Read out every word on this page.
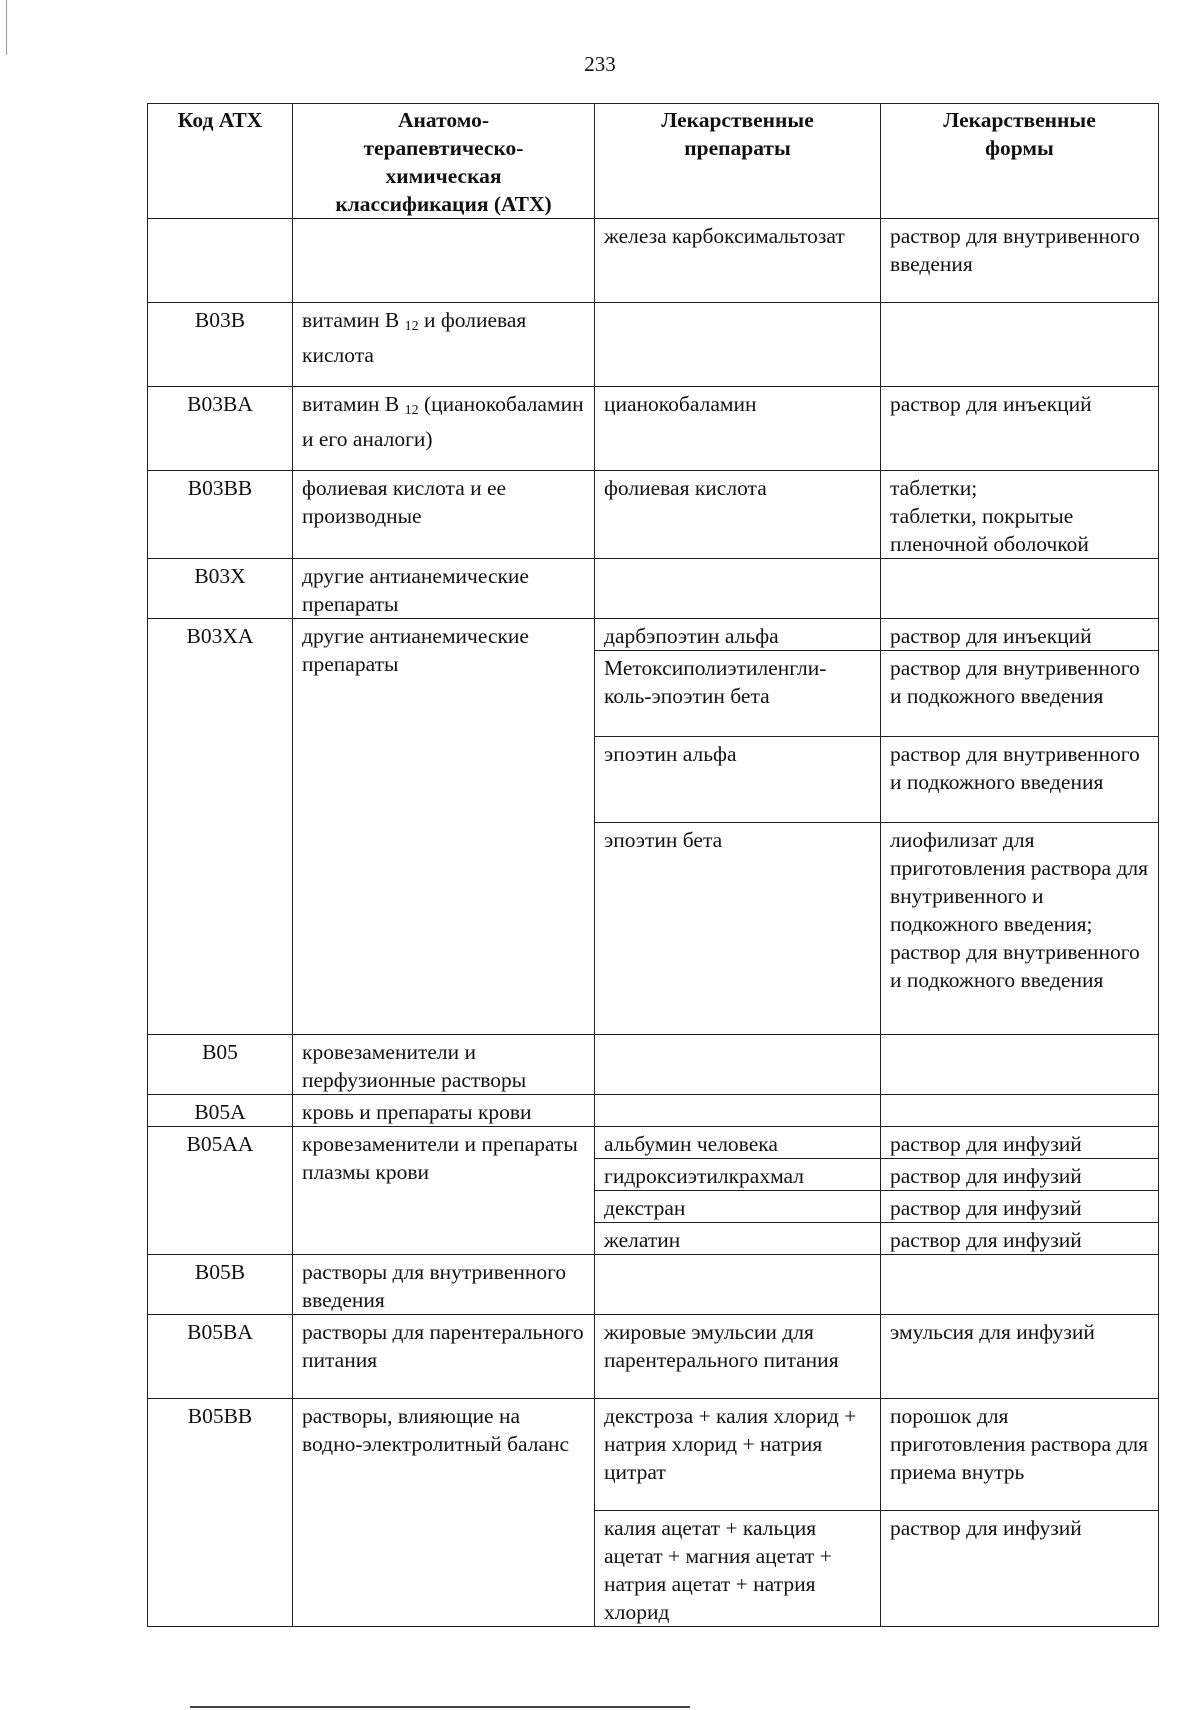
233
Код АТХ	Анатомо-терапевтическо-химическая классификация (АТХ)	Лекарственные препараты	Лекарственные формы
		железа карбоксимальтозат	раствор для внутривенного введения
B03B	витамин В $_{12}$ и фолиевая кислота		
B03BA	витамин В $_{12}$ (цианокобаламин и его аналоги)	цианокобаламин	раствор для инъекций
B03BB	фолиевая кислота и ее производные	фолиевая кислота	таблетки;
таблетки, покрытые пленочной оболочкой

B03X	другие антианемические препараты		
B03XA	другие антианемические препараты	дарбэпоэтин альфа	раствор для инъекций
		Метоксиполиэтиленгли-коль-эпоэтин бета	раствор для внутривенного и подкожного введения
		эпоэтин альфа	раствор для внутривенного и подкожного введения
		эпоэтин бета	лиофилизат для приготовления раствора для внутривенного и подкожного введения;
раствор для внутривенного и подкожного введения

B05	кровезаменители и перфузионные растворы		
B05A	кровь и препараты крови		
B05AA	кровезаменители и препараты плазмы крови	альбумин человека	раствор для инфузий
		гидроксиэтилкрахмал	раствор для инфузий
		декстран	раствор для инфузий
		желатин	раствор для инфузий
B05B	растворы для внутривенного введения		
B05BA	растворы для парентерального питания	жировые эмульсии для парентерального питания	эмульсия для инфузий
B05BB	растворы, влияющие на водно-электролитный баланс	декстроза + калия хлорид + натрия хлорид + натрия цитрат	порошок для приготовления раствора для приема внутрь
		калия ацетат + кальция ацетат + магния ацетат + натрия ацетат + натрия хлорид	раствор для инфузий
